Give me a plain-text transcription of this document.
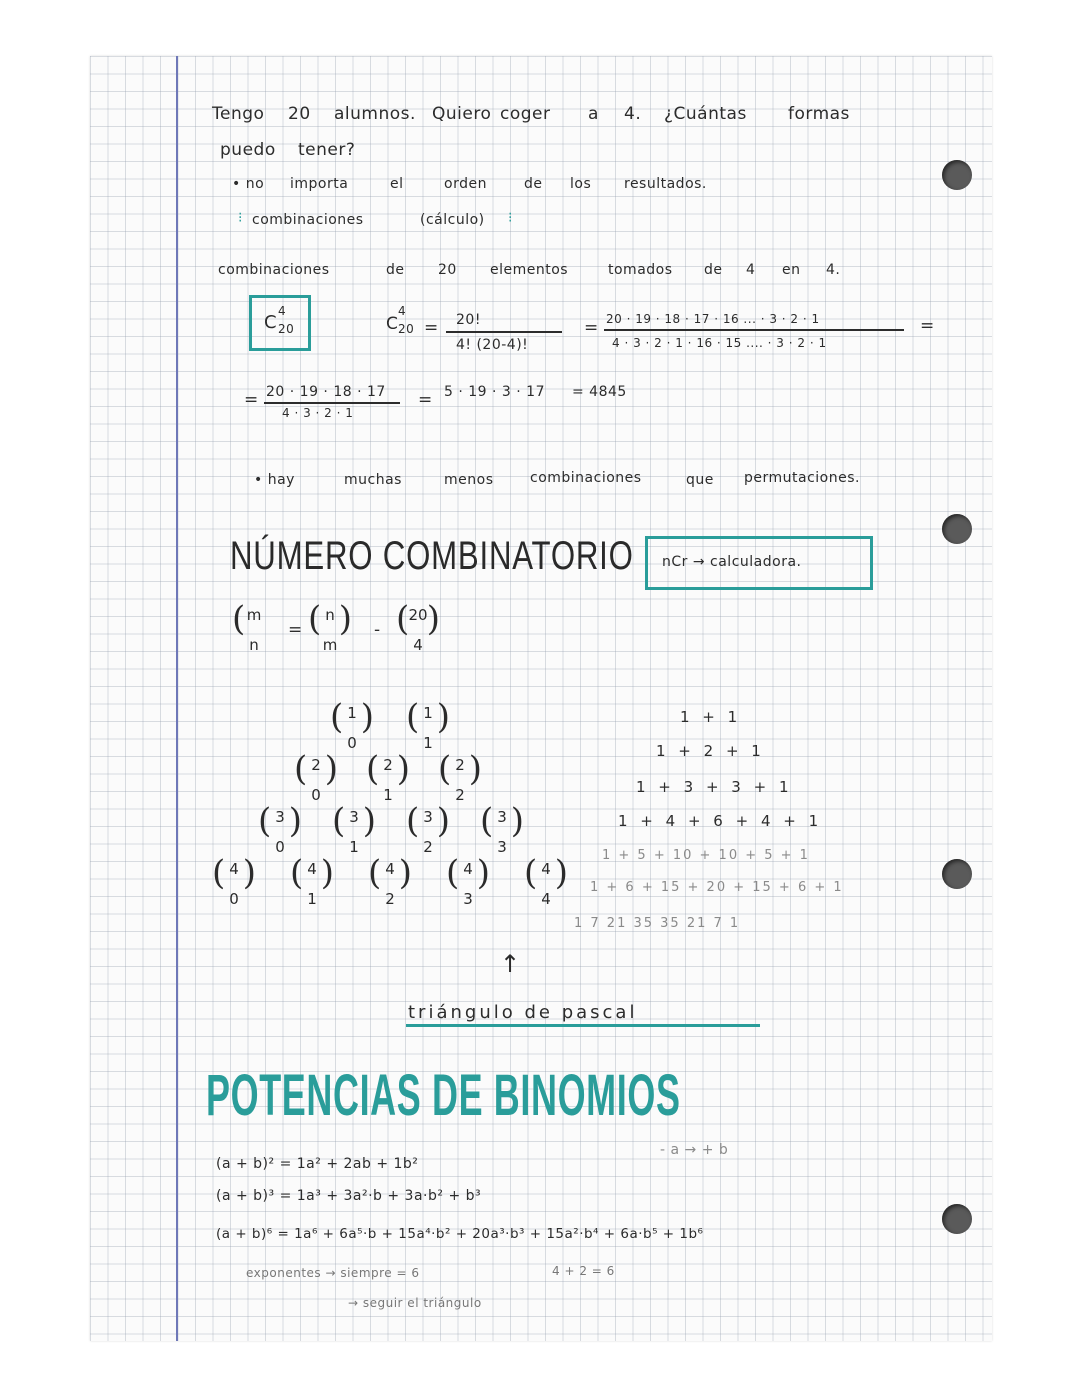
Tengo 20 alumnos. Quiero coger a 4. ¿Cuántas formas
puedo tener?
• no importa	el	orden	de los resultados.
⁝ combinaciones	(cálculo) ⁝
combinaciones	de 20 elementos	tomados de 4 en 4.
C
4
20	C
4
20 = 20!
4! (20-4)!
= 20 · 19 · 18 · 17 · 16 ... · 3 · 2 · 1
4 · 3 · 2 · 1 · 16 · 15 .... · 3 · 2 · 1
=
= 20 · 19 · 18 · 17
4 · 3 · 2 · 1
= 5 · 19 · 3 · 17 = 4845
• hay	muchas	menos	combinaciones	que permutaciones.
NÚMERO COMBINATORIO nCr → calculadora.
( m

n
= ( n

m
) - ( 20

4
)
( 1

0
) ( 1

1
)
( 2

0
) ( 2

1
) ( 2

2
)
( 3

0
) ( 3

1
) ( 3

2
) ( 3

3
)
( 4

0
) ( 4

1
) ( 4

2
) ( 4

3
) ( 4

4
)
1 + 1
1 + 2 + 1
1 + 3 + 3 + 1
1 + 4 + 6 + 4 + 1
1 + 5 + 10 + 10 + 5 + 1
1 + 6 + 15 + 20 + 15 + 6 + 1
1 7 21 35 35 21 7 1
↑
triángulo de pascal
POTENCIAS DE BINOMIOS
- a → + b
(a + b)² = 1a² + 2ab + 1b²
(a + b)³ = 1a³ + 3a²·b + 3a·b² + b³
(a + b)⁶ = 1a⁶ + 6a⁵·b + 15a⁴·b² + 20a³·b³ + 15a²·b⁴ + 6a·b⁵ + 1b⁶
4 + 2 = 6
exponentes → siempre = 6
→ seguir el triángulo
